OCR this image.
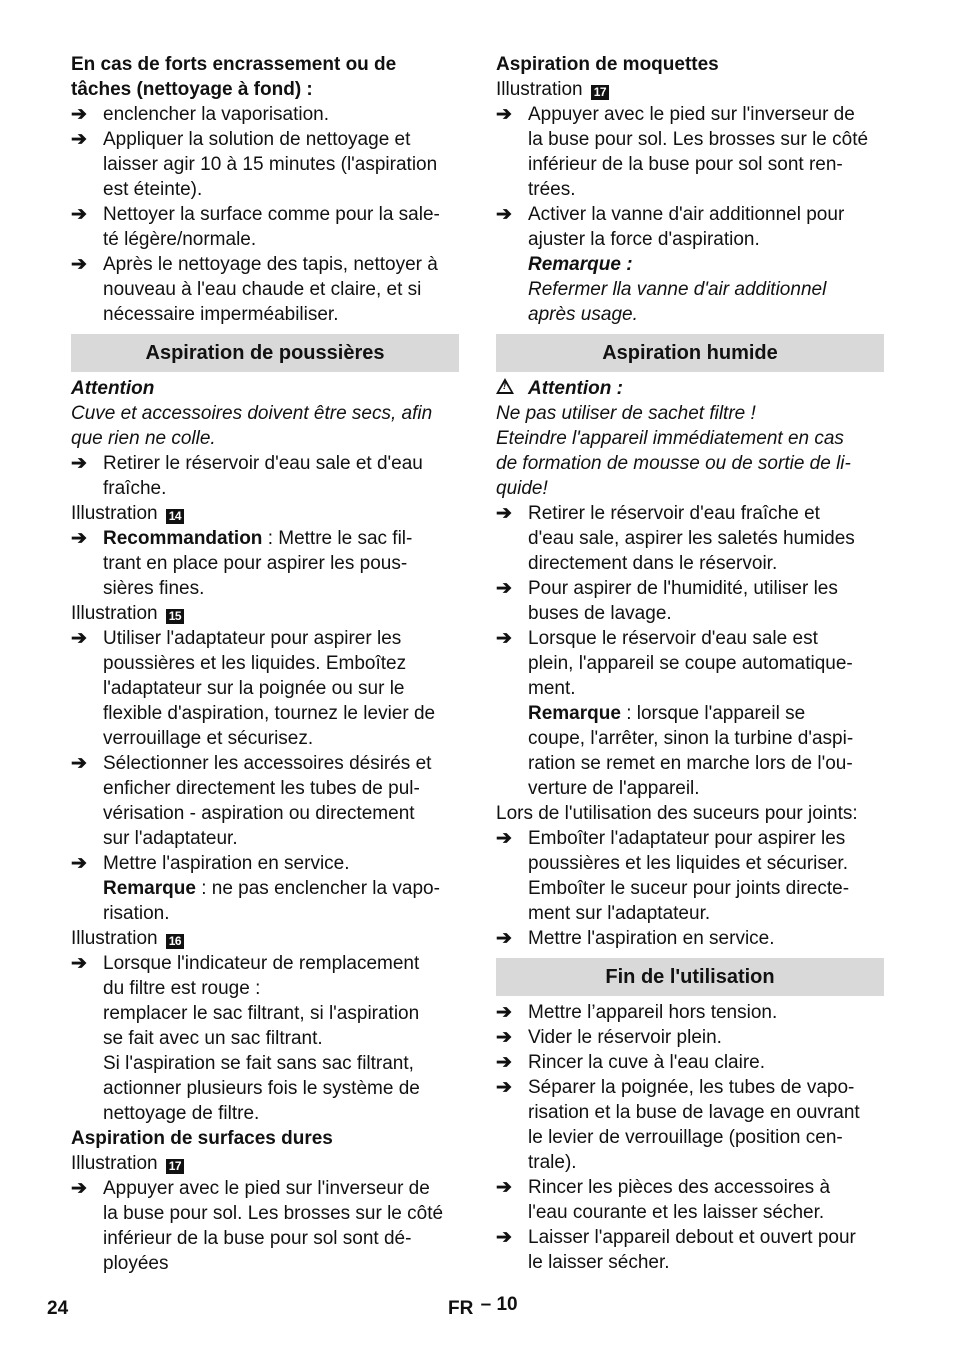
En cas de forts encrassement ou de
tâches (nettoyage à fond) :
➔ enclencher la vaporisation.
➔ Appliquer la solution de nettoyage et
laisser agir 10 à 15 minutes (l'aspiration
est éteinte).
➔ Nettoyer la surface comme pour la sale-
té légère/normale.
➔ Après le nettoyage des tapis, nettoyer à
nouveau à l'eau chaude et claire, et si
nécessaire imperméabiliser.
Aspiration de poussières
Attention
Cuve et accessoires doivent être secs, afin
que rien ne colle.
➔ Retirer le réservoir d'eau sale et d'eau
fraîche.
Illustration 14
➔ Recommandation : Mettre le sac fil-
trant en place pour aspirer les pous-
sières fines.
Illustration 15
➔ Utiliser l'adaptateur pour aspirer les
poussières et les liquides. Emboîtez
l'adaptateur sur la poignée ou sur le
flexible d'aspiration, tournez le levier de
verrouillage et sécurisez.
➔ Sélectionner les accessoires désirés et
enficher directement les tubes de pul-
vérisation - aspiration ou directement
sur l'adaptateur.
➔ Mettre l'aspiration en service.
Remarque : ne pas enclencher la vapo-
risation.
Illustration 16
➔ Lorsque l'indicateur de remplacement
du filtre est rouge :
remplacer le sac filtrant, si l'aspiration
se fait avec un sac filtrant.
Si l'aspiration se fait sans sac filtrant,
actionner plusieurs fois le système de
nettoyage de filtre.
Aspiration de surfaces dures
Illustration 17
➔ Appuyer avec le pied sur l'inverseur de
la buse pour sol. Les brosses sur le côté
inférieur de la buse pour sol sont dé-
ployées
Aspiration de moquettes
Illustration 17
➔ Appuyer avec le pied sur l'inverseur de
la buse pour sol. Les brosses sur le côté
inférieur de la buse pour sol sont ren-
trées.
➔ Activer la vanne d'air additionnel pour
ajuster la force d'aspiration.
Remarque :
Refermer lla vanne d'air additionnel
après usage.
Aspiration humide
!Attention :
Ne pas utiliser de sachet filtre !
Eteindre l'appareil immédiatement en cas
de formation de mousse ou de sortie de li-
quide!
➔ Retirer le réservoir d'eau fraîche et
d'eau sale, aspirer les saletés humides
directement dans le réservoir.
➔ Pour aspirer de l'humidité, utiliser les
buses de lavage.
➔ Lorsque le réservoir d'eau sale est
plein, l'appareil se coupe automatique-
ment.
Remarque : lorsque l'appareil se
coupe, l'arrêter, sinon la turbine d'aspi-
ration se remet en marche lors de l'ou-
verture de l'appareil.
Lors de l'utilisation des suceurs pour joints:
➔ Emboîter l'adaptateur pour aspirer les
poussières et les liquides et sécuriser.
Emboîter le suceur pour joints directe-
ment sur l'adaptateur.
➔ Mettre l'aspiration en service.
Fin de l'utilisation
➔ Mettre l’appareil hors tension.
➔ Vider le réservoir plein.
➔ Rincer la cuve à l'eau claire.
➔ Séparer la poignée, les tubes de vapo-
risation et la buse de lavage en ouvrant
le levier de verrouillage (position cen-
trale).
➔ Rincer les pièces des accessoires à
l'eau courante et les laisser sécher.
➔ Laisser l'appareil debout et ouvert pour
le laisser sécher.
24	FR – 10
